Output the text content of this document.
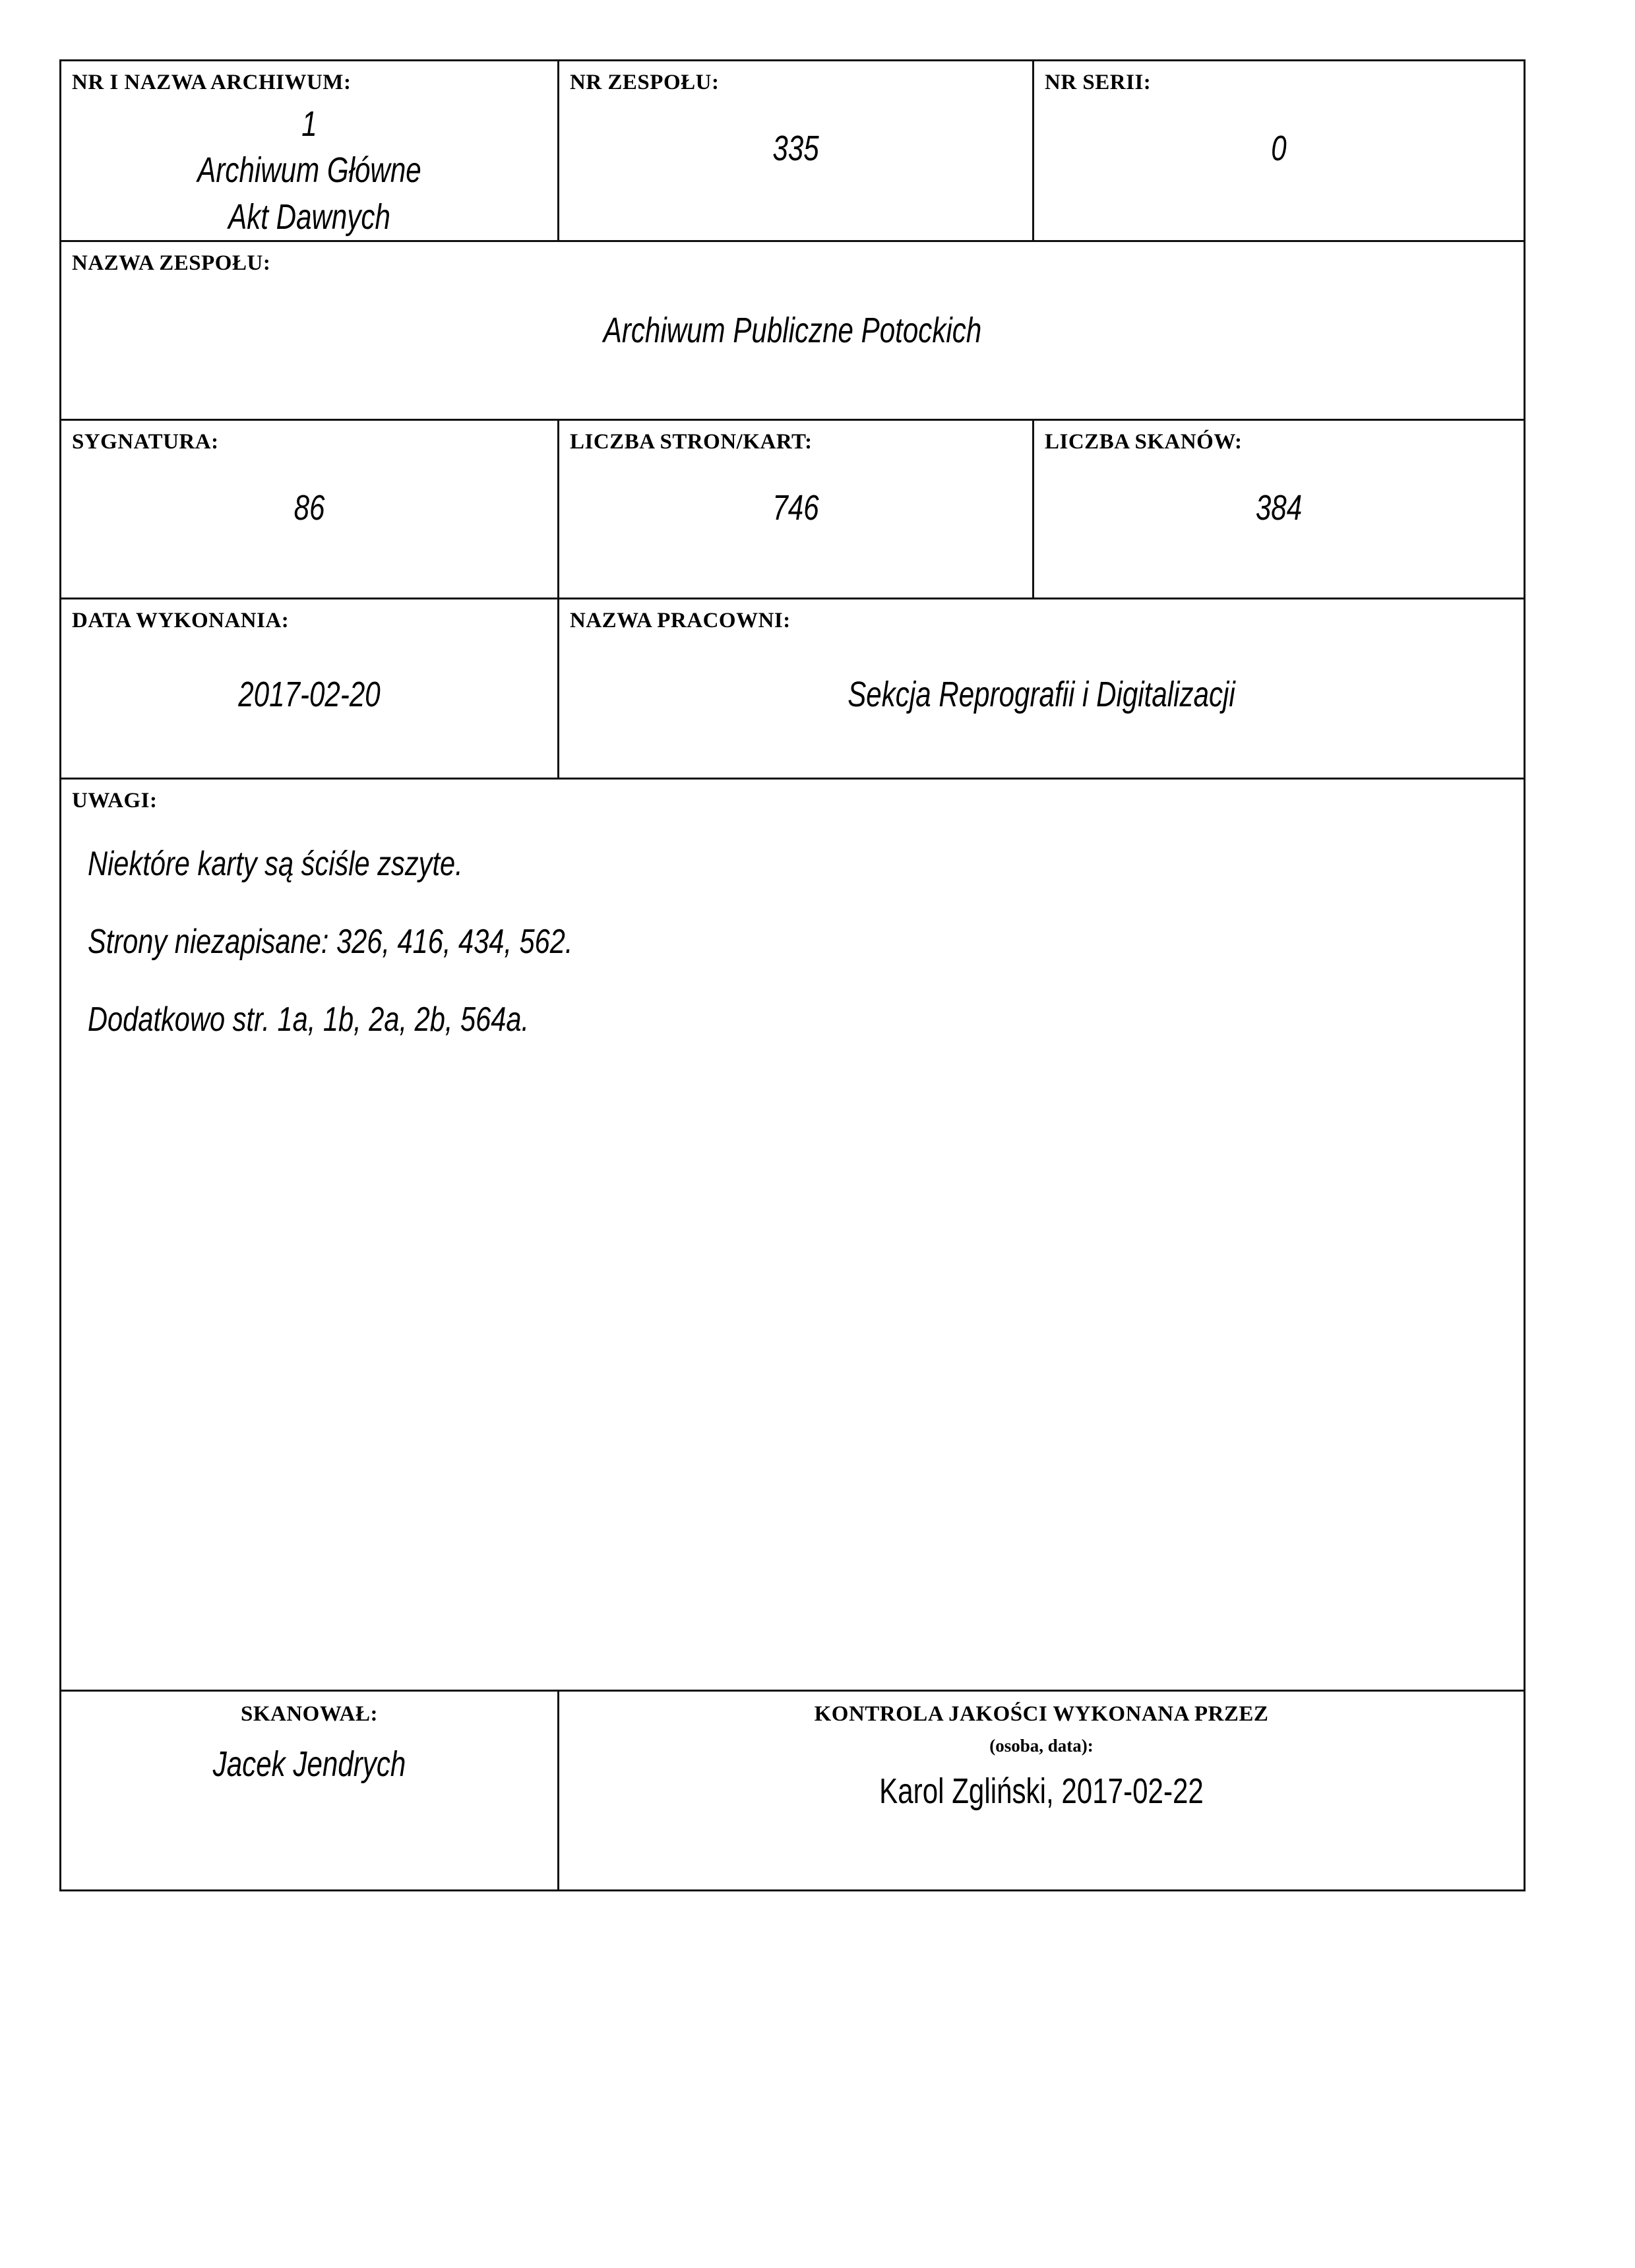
NR I NAZWA ARCHIWUM:
1
Archiwum Główne
Akt Dawnych

NR ZESPOŁU:
335

NR SERII:
0

NAZWA ZESPOŁU:
Archiwum Publiczne Potockich		

SYGNATURA:
86

LICZBA STRON/KART:
746

LICZBA SKANÓW:
384

DATA WYKONANIA:
2017-02-20

NAZWA PRACOWNI:
Sekcja Reprografii i Digitalizacji

UWAGI:
Niektóre karty są ściśle zszyte.
Strony niezapisane: 326, 416, 434, 562.
Dodatkowo str. 1a, 1b, 2a, 2b, 564a.		

SKANOWAŁ:
Jacek Jendrych

KONTROLA JAKOŚCI WYKONANA PRZEZ
(osoba, data):
Karol Zgliński, 2017-02-22
